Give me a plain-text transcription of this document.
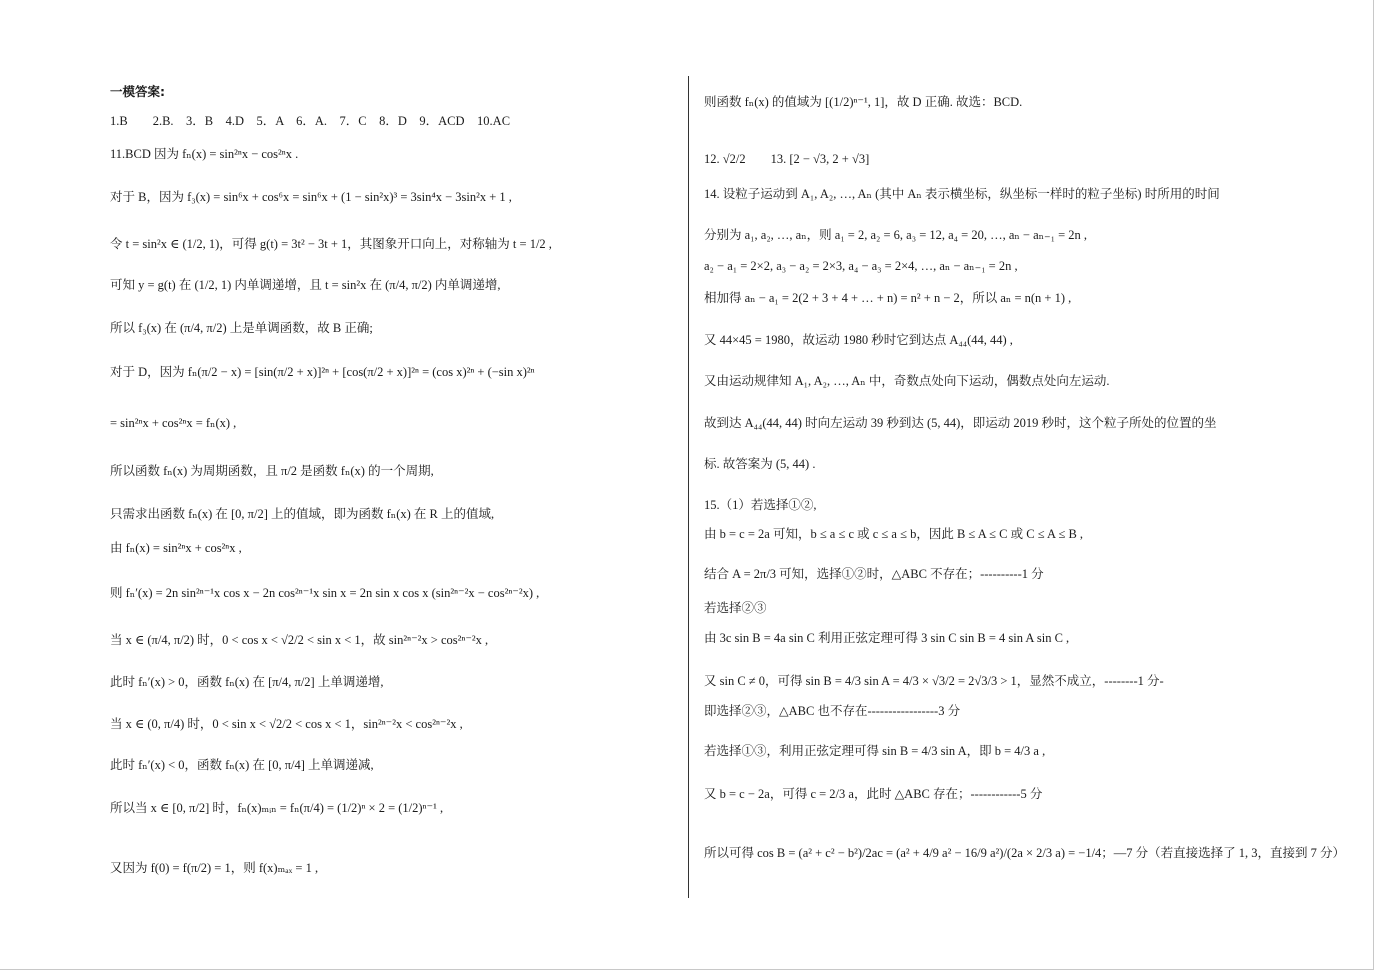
一模答案:
1.B　　2.B.　3．B　4.D　5．A　6．A.　7．C　8．D　9．ACD　10.AC
11.BCD 因为 fₙ(x) = sin²ⁿx − cos²ⁿx .
对于 B，因为 f₃(x) = sin⁶x + cos⁶x = sin⁶x + (1 − sin²x)³ = 3sin⁴x − 3sin²x + 1 ,
令 t = sin²x ∈ (1/2, 1)，可得 g(t) = 3t² − 3t + 1，其图象开口向上，对称轴为 t = 1/2 ,
可知 y = g(t) 在 (1/2, 1) 内单调递增，且 t = sin²x 在 (π/4, π/2) 内单调递增,
所以 f₃(x) 在 (π/4, π/2) 上是单调函数，故 B 正确;
对于 D，因为 fₙ(π/2 − x) = [sin(π/2 + x)]²ⁿ + [cos(π/2 + x)]²ⁿ = (cos x)²ⁿ + (−sin x)²ⁿ
= sin²ⁿx + cos²ⁿx = fₙ(x) ,
所以函数 fₙ(x) 为周期函数，且 π/2 是函数 fₙ(x) 的一个周期,
只需求出函数 fₙ(x) 在 [0, π/2] 上的值域，即为函数 fₙ(x) 在 R 上的值域,
由 fₙ(x) = sin²ⁿx + cos²ⁿx ,
则 fₙ′(x) = 2n sin²ⁿ⁻¹x cos x − 2n cos²ⁿ⁻¹x sin x = 2n sin x cos x (sin²ⁿ⁻²x − cos²ⁿ⁻²x) ,
当 x ∈ (π/4, π/2) 时，0 < cos x < √2/2 < sin x < 1，故 sin²ⁿ⁻²x > cos²ⁿ⁻²x ,
此时 fₙ′(x) > 0，函数 fₙ(x) 在 [π/4, π/2] 上单调递增,
当 x ∈ (0, π/4) 时，0 < sin x < √2/2 < cos x < 1，sin²ⁿ⁻²x < cos²ⁿ⁻²x ,
此时 fₙ′(x) < 0，函数 fₙ(x) 在 [0, π/4] 上单调递减,
所以当 x ∈ [0, π/2] 时，fₙ(x)ₘᵢₙ = fₙ(π/4) = (1/2)ⁿ × 2 = (1/2)ⁿ⁻¹ ,
又因为 f(0) = f(π/2) = 1，则 f(x)ₘₐₓ = 1 ,
则函数 fₙ(x) 的值域为 [(1/2)ⁿ⁻¹, 1]，故 D 正确. 故选：BCD.
12. √2/2　　13. [2 − √3, 2 + √3]
14. 设粒子运动到 A₁, A₂, …, Aₙ (其中 Aₙ 表示横坐标，纵坐标一样时的粒子坐标) 时所用的时间
分别为 a₁, a₂, …, aₙ，则 a₁ = 2, a₂ = 6, a₃ = 12, a₄ = 20, …, aₙ − aₙ₋₁ = 2n ,
a₂ − a₁ = 2×2, a₃ − a₂ = 2×3, a₄ − a₃ = 2×4, …, aₙ − aₙ₋₁ = 2n ,
相加得 aₙ − a₁ = 2(2 + 3 + 4 + … + n) = n² + n − 2，所以 aₙ = n(n + 1) ,
又 44×45 = 1980，故运动 1980 秒时它到达点 A₄₄(44, 44) ,
又由运动规律知 A₁, A₂, …, Aₙ 中，奇数点处向下运动，偶数点处向左运动.
故到达 A₄₄(44, 44) 时向左运动 39 秒到达 (5, 44)，即运动 2019 秒时，这个粒子所处的位置的坐
标. 故答案为 (5, 44) .
15.（1）若选择①②,
由 b = c = 2a 可知，b ≤ a ≤ c 或 c ≤ a ≤ b，因此 B ≤ A ≤ C 或 C ≤ A ≤ B ,
结合 A = 2π/3 可知，选择①②时，△ABC 不存在；----------1 分
若选择②③
由 3c sin B = 4a sin C 利用正弦定理可得 3 sin C sin B = 4 sin A sin C ,
又 sin C ≠ 0，可得 sin B = 4/3 sin A = 4/3 × √3/2 = 2√3/3 > 1，显然不成立，--------1 分-
即选择②③，△ABC 也不存在-----------------3 分
若选择①③，利用正弦定理可得 sin B = 4/3 sin A，即 b = 4/3 a ,
又 b = c − 2a，可得 c = 2/3 a，此时 △ABC 存在；------------5 分
所以可得 cos B = (a² + c² − b²)/2ac = (a² + 4/9 a² − 16/9 a²)/(2a × 2/3 a) = −1/4；—7 分（若直接选择了 1, 3，直接到 7 分）
